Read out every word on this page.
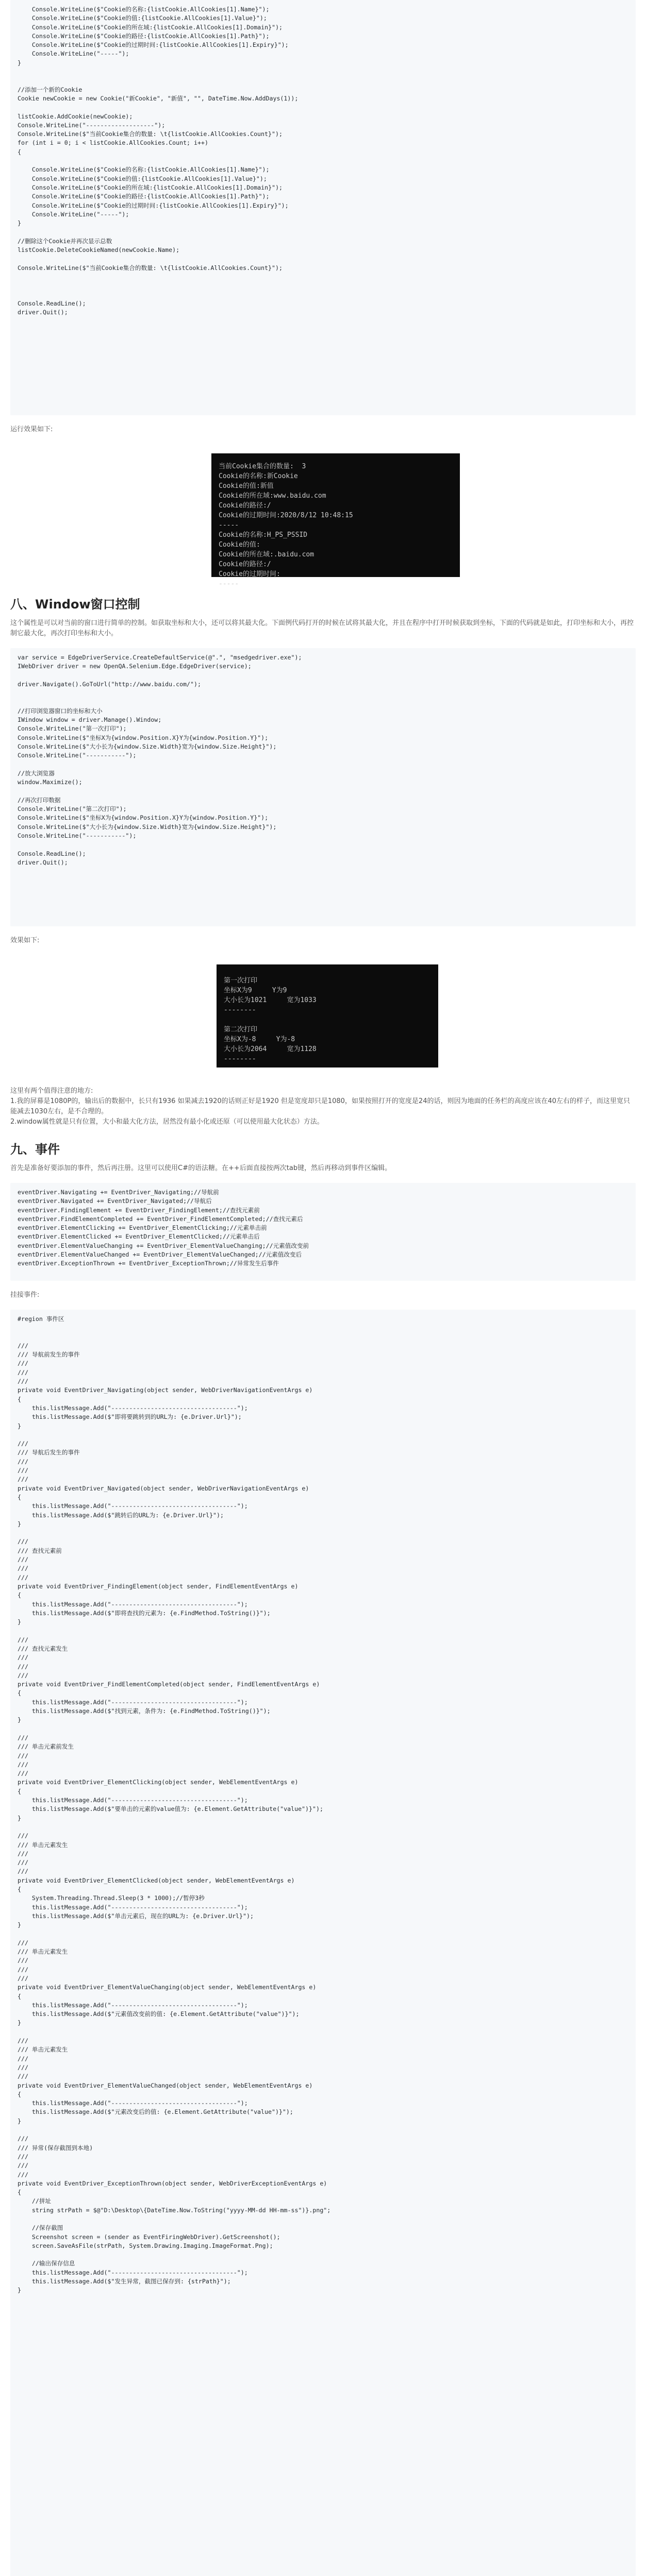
Console.WriteLine($"Cookie的名称:{listCookie.AllCookies[1].Name}");
Console.WriteLine($"Cookie的值:{listCookie.AllCookies[1].Value}");
Console.WriteLine($"Cookie的所在域:{listCookie.AllCookies[1].Domain}");
Console.WriteLine($"Cookie的路径:{listCookie.AllCookies[1].Path}");
Console.WriteLine($"Cookie的过期时间:{listCookie.AllCookies[1].Expiry}");
Console.WriteLine("-----");
}

//添加一个新的Cookie
Cookie newCookie = new Cookie("新Cookie", "新值", "", DateTime.Now.AddDays(1));

listCookie.AddCookie(newCookie);
Console.WriteLine("-------------------");
Console.WriteLine($"当前Cookie集合的数量: \t{listCookie.AllCookies.Count}");
for (int i = 0; i < listCookie.AllCookies.Count; i++)
{

Console.WriteLine($"Cookie的名称:{listCookie.AllCookies[1].Name}");
Console.WriteLine($"Cookie的值:{listCookie.AllCookies[1].Value}");
Console.WriteLine($"Cookie的所在域:{listCookie.AllCookies[1].Domain}");
Console.WriteLine($"Cookie的路径:{listCookie.AllCookies[1].Path}");
Console.WriteLine($"Cookie的过期时间:{listCookie.AllCookies[1].Expiry}");
Console.WriteLine("-----");
}

//删除这个Cookie并再次显示总数
listCookie.DeleteCookieNamed(newCookie.Name);

Console.WriteLine($"当前Cookie集合的数量: \t{listCookie.AllCookies.Count}");

Console.ReadLine();
driver.Quit();

运行效果如下:

当前Cookie集合的数量:  3
Cookie的名称:新Cookie
Cookie的值:新值
Cookie的所在域:www.baidu.com
Cookie的路径:/
Cookie的过期时间:2020/8/12 10:48:15
-----
Cookie的名称:H_PS_PSSID
Cookie的值:
Cookie的所在域:.baidu.com
Cookie的路径:/
Cookie的过期时间:
-----
八、Window窗口控制

这个属性是可以对当前的窗口进行简单的控制。如获取坐标和大小，还可以将其最大化。下面例代码打开的时候在试将其最大化，并且在程序中打开时候获取到坐标，下面的代码就是如此，打印坐标和大小，再控制它最大化，再次打印坐标和大小。

var service = EdgeDriverService.CreateDefaultService(@".", "msedgedriver.exe");
IWebDriver driver = new OpenQA.Selenium.Edge.EdgeDriver(service);

driver.Navigate().GoToUrl("http://www.baidu.com/");

//打印浏览器窗口的坐标和大小
IWindow window = driver.Manage().Window;
Console.WriteLine("第一次打印");
Console.WriteLine($"坐标X为{window.Position.X}Y为{window.Position.Y}");
Console.WriteLine($"大小长为{window.Size.Width}宽为{window.Size.Height}");
Console.WriteLine("-----------");

//放大浏览器
window.Maximize();

//再次打印数据
Console.WriteLine("第二次打印");
Console.WriteLine($"坐标X为{window.Position.X}Y为{window.Position.Y}");
Console.WriteLine($"大小长为{window.Size.Width}宽为{window.Size.Height}");
Console.WriteLine("-----------");

Console.ReadLine();
driver.Quit();

效果如下:

第一次打印
坐标X为9     Y为9
大小长为1021     宽为1033
--------

第二次打印
坐标X为-8     Y为-8
大小长为2064     宽为1128
--------

这里有两个值得注意的地方:
1.我的屏幕是1080P的，输出后的数据中，长只有1936 如果减去1920的话则正好是1920 但是宽度却只是1080，如果按照打开的宽度是24的话，则因为地面的任务栏的高度应该在40左右的样子，而这里宽只能减去1030左右，是不合理的。
2.window属性就是只有位置，大小和最大化方法，居然没有最小化或还原（可以使用最大化状态）方法。

九、事件

首先是准备好要添加的事件，然后再注册。这里可以使用C#的语法糖。在++后面直接按两次tab键，然后再移动到事件区编辑。

eventDriver.Navigating += EventDriver_Navigating;//导航前
eventDriver.Navigated += EventDriver_Navigated;//导航后
eventDriver.FindingElement += EventDriver_FindingElement;//查找元素前
eventDriver.FindElementCompleted += EventDriver_FindElementCompleted;//查找元素后
eventDriver.ElementClicking += EventDriver_ElementClicking;//元素单击前
eventDriver.ElementClicked += EventDriver_ElementClicked;//元素单击后
eventDriver.ElementValueChanging += EventDriver_ElementValueChanging;//元素值改变前
eventDriver.ElementValueChanged += EventDriver_ElementValueChanged;//元素值改变后
eventDriver.ExceptionThrown += EventDriver_ExceptionThrown;//异常发生后事件

挂接事件:

#region 事件区

///
/// 导航前发生的事件
///
///
///
private void EventDriver_Navigating(object sender, WebDriverNavigationEventArgs e)
{
this.listMessage.Add("-----------------------------------");
this.listMessage.Add($"即将要跳转到的URL为: {e.Driver.Url}");
}

///
/// 导航后发生的事件
///
///
///
private void EventDriver_Navigated(object sender, WebDriverNavigationEventArgs e)
{
this.listMessage.Add("-----------------------------------");
this.listMessage.Add($"跳转后的URL为: {e.Driver.Url}");
}

///
/// 查找元素前
///
///
///
private void EventDriver_FindingElement(object sender, FindElementEventArgs e)
{
this.listMessage.Add("-----------------------------------");
this.listMessage.Add($"即将查找的元素为: {e.FindMethod.ToString()}");
}

///
/// 查找元素发生
///
///
///
private void EventDriver_FindElementCompleted(object sender, FindElementEventArgs e)
{
this.listMessage.Add("-----------------------------------");
this.listMessage.Add($"找到元素，条件为: {e.FindMethod.ToString()}");
}

///
/// 单击元素前发生
///
///
///
private void EventDriver_ElementClicking(object sender, WebElementEventArgs e)
{
this.listMessage.Add("-----------------------------------");
this.listMessage.Add($"要单击的元素的value值为: {e.Element.GetAttribute("value")}");
}

///
/// 单击元素发生
///
///
///
private void EventDriver_ElementClicked(object sender, WebElementEventArgs e)
{
System.Threading.Thread.Sleep(3 * 1000);//暂停3秒
this.listMessage.Add("-----------------------------------");
this.listMessage.Add($"单击元素后，现在的URL为: {e.Driver.Url}");
}

///
/// 单击元素发生
///
///
///
private void EventDriver_ElementValueChanging(object sender, WebElementEventArgs e)
{
this.listMessage.Add("-----------------------------------");
this.listMessage.Add($"元素值改变前的值: {e.Element.GetAttribute("value")}");
}

///
/// 单击元素发生
///
///
///
private void EventDriver_ElementValueChanged(object sender, WebElementEventArgs e)
{
this.listMessage.Add("-----------------------------------");
this.listMessage.Add($"元素改变后的值: {e.Element.GetAttribute("value")}");
}

///
/// 异常(保存截图到本地)
///
///
///
private void EventDriver_ExceptionThrown(object sender, WebDriverExceptionEventArgs e)
{
//拼址
string strPath = $@"D:\Desktop\{DateTime.Now.ToString("yyyy-MM-dd HH-mm-ss")}.png";

//保存截图
Screenshot screen = (sender as EventFiringWebDriver).GetScreenshot();
screen.SaveAsFile(strPath, System.Drawing.Imaging.ImageFormat.Png);

//输出保存信息
this.listMessage.Add("-----------------------------------");
this.listMessage.Add($"发生异常，截图已保存到: {strPath}");
}
